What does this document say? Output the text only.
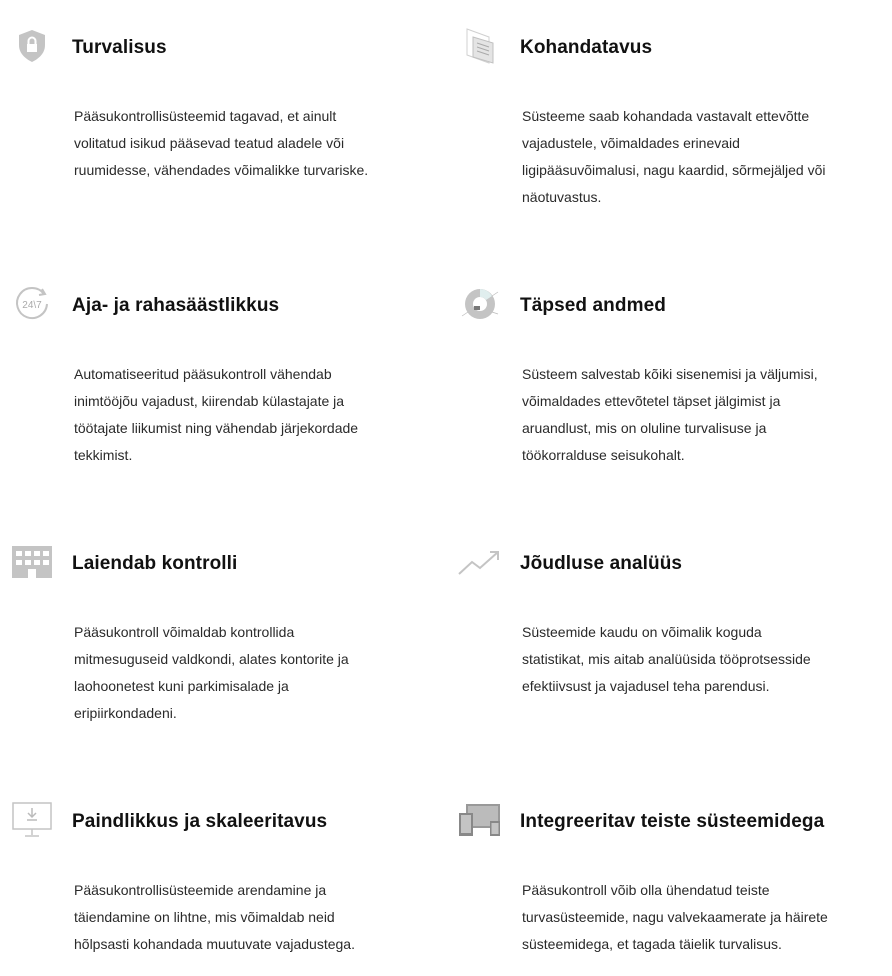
Turvalisus
Pääsukontrollisüsteemid tagavad, et ainult
volitatud isikud pääsevad teatud aladele või
ruumidesse, vähendades võimalikke turvariske.
Kohandatavus
Süsteeme saab kohandada vastavalt ettevõtte
vajadustele, võimaldades erinevaid
ligipääsuvõimalusi, nagu kaardid, sõrmejäljed või
näotuvastus.
24\7 Aja- ja rahasäästlikkus
Automatiseeritud pääsukontroll vähendab
inimtööjõu vajadust, kiirendab külastajate ja
töötajate liikumist ning vähendab järjekordade
tekkimist.
Täpsed andmed
Süsteem salvestab kõiki sisenemisi ja väljumisi,
võimaldades ettevõtetel täpset jälgimist ja
aruandlust, mis on oluline turvalisuse ja
töökorralduse seisukohalt.
Laiendab kontrolli
Pääsukontroll võimaldab kontrollida
mitmesuguseid valdkondi, alates kontorite ja
laohoonetest kuni parkimisalade ja
eripiirkondadeni.
Jõudluse analüüs
Süsteemide kaudu on võimalik koguda
statistikat, mis aitab analüüsida tööprotsesside
efektiivsust ja vajadusel teha parendusi.
Paindlikkus ja skaleeritavus
Pääsukontrollisüsteemide arendamine ja
täiendamine on lihtne, mis võimaldab neid
hõlpsasti kohandada muutuvate vajadustega.
Integreeritav teiste süsteemidega
Pääsukontroll võib olla ühendatud teiste
turvasüsteemide, nagu valvekaamerate ja häirete
süsteemidega, et tagada täielik turvalisus.
